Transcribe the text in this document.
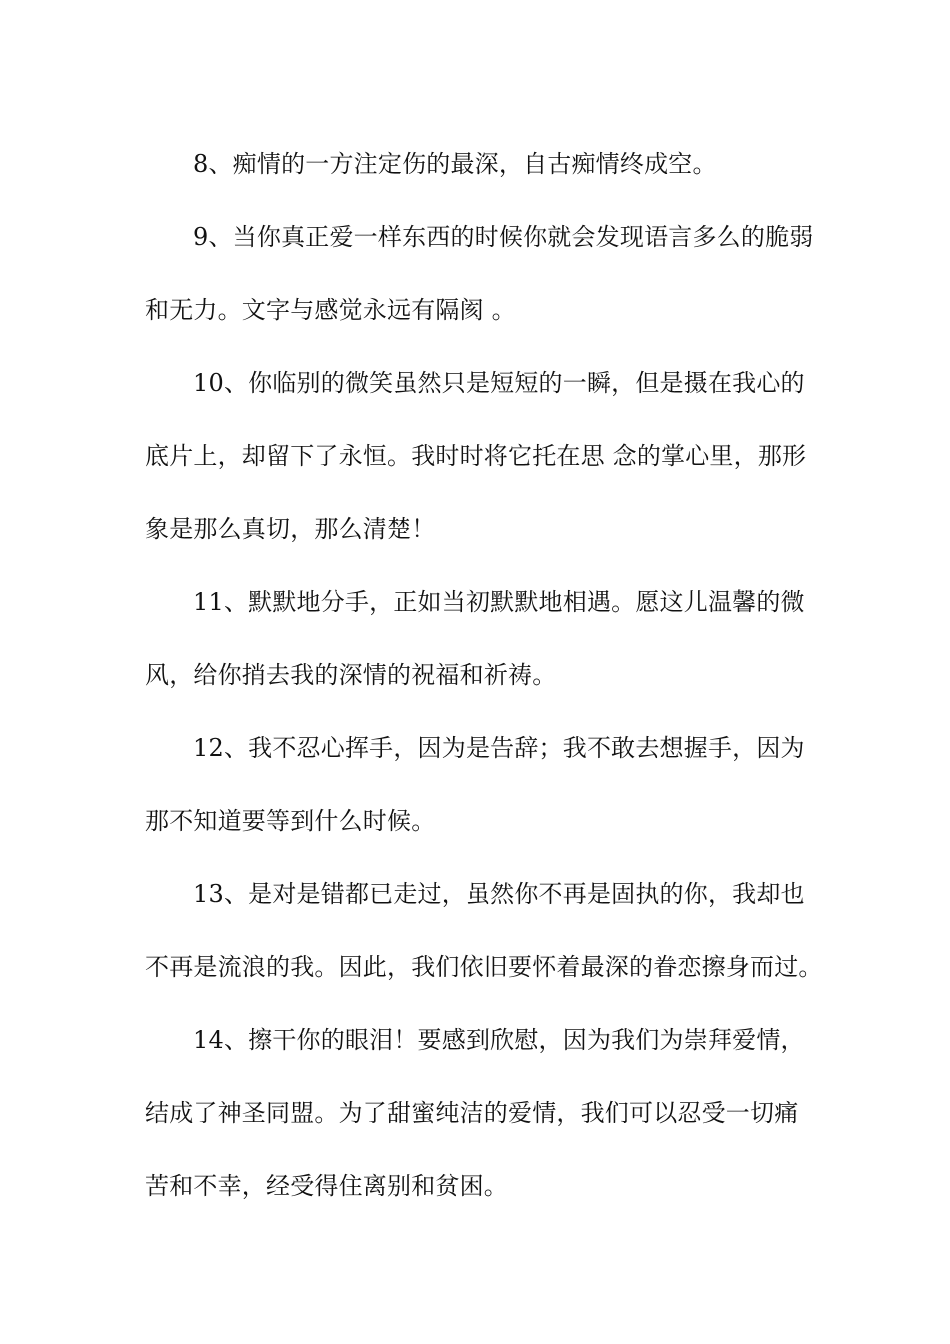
8、痴情的一方注定伤的最深，自古痴情终成空。

9、当你真正爱一样东西的时候你就会发现语言多么的脆弱
和无力。文字与感觉永远有隔阂 。

10、你临别的微笑虽然只是短短的一瞬，但是摄在我心的
底片上，却留下了永恒。我时时将它托在思 念的掌心里，那形
象是那么真切，那么清楚！

11、默默地分手，正如当初默默地相遇。愿这儿温馨的微
风，给你捎去我的深情的祝福和祈祷。

12、我不忍心挥手，因为是告辞；我不敢去想握手，因为
那不知道要等到什么时候。

13、是对是错都已走过，虽然你不再是固执的你，我却也
不再是流浪的我。因此，我们依旧要怀着最深的眷恋擦身而过。

14、擦干你的眼泪！要感到欣慰，因为我们为崇拜爱情，
结成了神圣同盟。为了甜蜜纯洁的爱情，我们可以忍受一切痛
苦和不幸，经受得住离别和贫困。
